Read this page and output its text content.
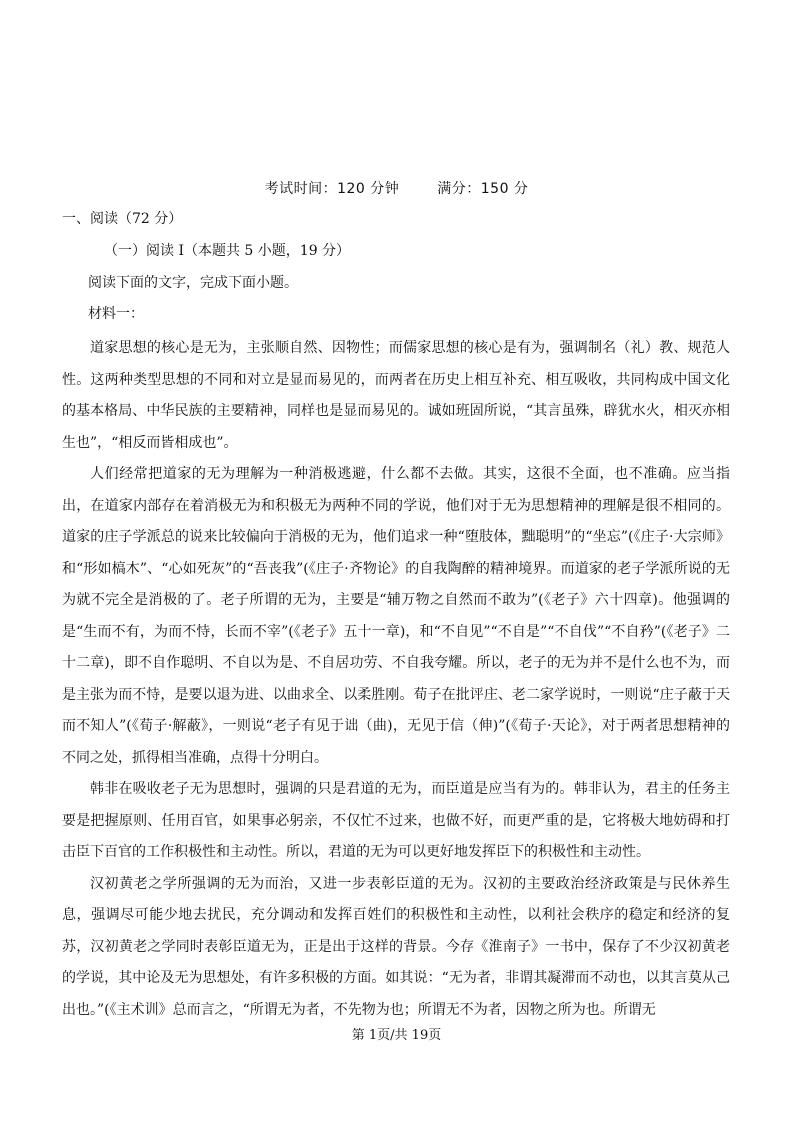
考试时间：120 分钟	满分：150 分
一、阅读（72 分）
（一）阅读 I（本题共 5 小题，19 分）
阅读下面的文字，完成下面小题。
材料一：

道家思想的核心是无为，主张顺自然、因物性；而儒家思想的核心是有为，强调制名（礼）教、规范人性。这两种类型思想的不同和对立是显而易见的，而两者在历史上相互补充、相互吸收，共同构成中国文化的基本格局、中华民族的主要精神，同样也是显而易见的。诚如班固所说，“其言虽殊，辟犹水火，相灭亦相生也”，“相反而皆相成也”。

人们经常把道家的无为理解为一种消极逃避，什么都不去做。其实，这很不全面，也不准确。应当指出，在道家内部存在着消极无为和积极无为两种不同的学说，他们对于无为思想精神的理解是很不相同的。道家的庄子学派总的说来比较偏向于消极的无为，他们追求一种“堕肢体，黜聪明”的“坐忘”(《庄子·大宗师》和“形如槁木”、“心如死灰”的“吾丧我”(《庄子·齐物论》的自我陶醉的精神境界。而道家的老子学派所说的无为就不完全是消极的了。老子所谓的无为，主要是“辅万物之自然而不敢为”(《老子》六十四章)。他强调的是“生而不有，为而不恃，长而不宰”(《老子》五十一章)，和“不自见”“不自是”“不自伐”“不自矜”(《老子》二十二章)，即不自作聪明、不自以为是、不自居功劳、不自我夸耀。所以，老子的无为并不是什么也不为，而是主张为而不恃，是要以退为进、以曲求全、以柔胜刚。荀子在批评庄、老二家学说时，一则说“庄子蔽于天而不知人”(《荀子·解蔽》，一则说“老子有见于诎（曲)，无见于信（伸)”(《荀子·天论》，对于两者思想精神的不同之处，抓得相当准确，点得十分明白。

韩非在吸收老子无为思想时，强调的只是君道的无为，而臣道是应当有为的。韩非认为，君主的任务主要是把握原则、任用百官，如果事必躬亲，不仅忙不过来，也做不好，而更严重的是，它将极大地妨碍和打击臣下百官的工作积极性和主动性。所以，君道的无为可以更好地发挥臣下的积极性和主动性。

汉初黄老之学所强调的无为而治，又进一步表彰臣道的无为。汉初的主要政治经济政策是与民休养生息，强调尽可能少地去扰民，充分调动和发挥百姓们的积极性和主动性，以利社会秩序的稳定和经济的复苏，汉初黄老之学同时表彰臣道无为，正是出于这样的背景。今存《淮南子》一书中，保存了不少汉初黄老的学说，其中论及无为思想处，有许多积极的方面。如其说：“无为者，非谓其凝滞而不动也，以其言莫从己出也。”(《主术训》总而言之，“所谓无为者，不先物为也；所谓无不为者，因物之所为也。所谓无

第 1页/共 19页
